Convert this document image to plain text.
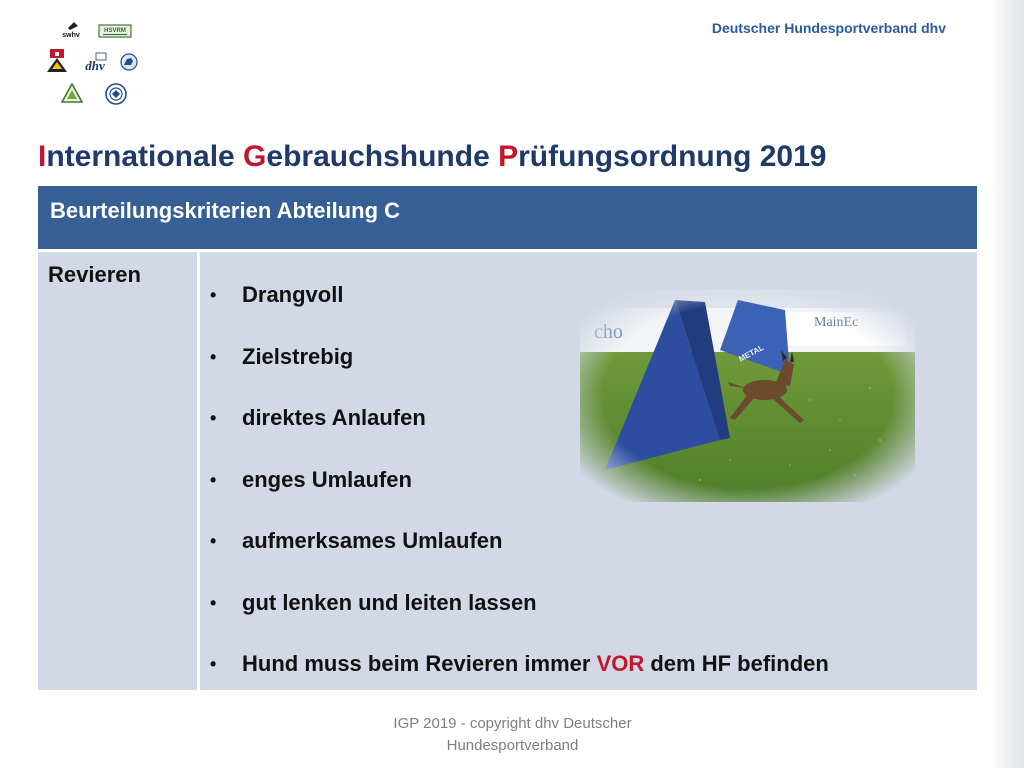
swhv
HSVRM
dhv
Deutscher Hundesportverband dhv
Internationale Gebrauchshunde Prüfungsordnung 2019
Beurteilungskriterien Abteilung C
Revieren
• Drangvoll
• Zielstrebig
• direktes Anlaufen
• enges Umlaufen
• aufmerksames Umlaufen
• gut lenken und leiten lassen
• Hund muss beim Revieren immer VOR dem HF befinden
IGP 2019 - copyright dhv Deutscher
Hundesportverband
